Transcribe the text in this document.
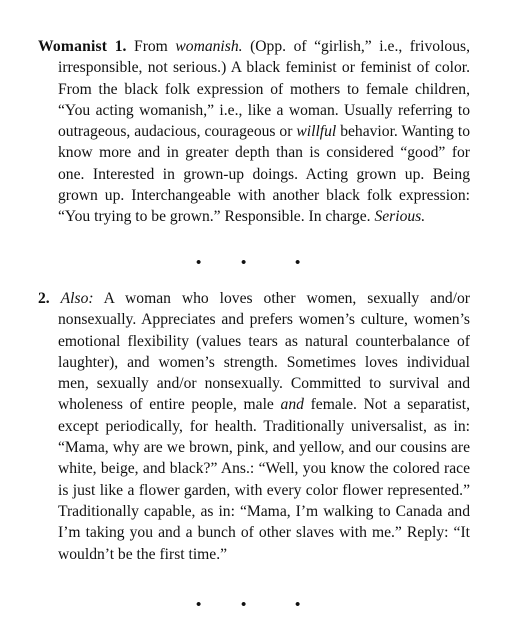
Womanist 1. From womanish. (Opp. of “girlish,” i.e., frivolous, irresponsible, not serious.) A black feminist or feminist of color. From the black folk expression of mothers to female children, “You acting womanish,” i.e., like a woman. Usually referring to outrageous, audacious, courageous or willful behavior. Wanting to know more and in greater depth than is considered “good” for one. Interested in grown-up doings. Acting grown up. Being grown up. Interchangeable with another black folk expression: “You trying to be grown.” Responsible. In charge. Serious.

•	•	•

2. Also: A woman who loves other women, sexually and/or nonsexually. Appreciates and prefers women’s culture, women’s emotional flexibility (values tears as natural counterbalance of laughter), and women’s strength. Sometimes loves individual men, sexually and/or nonsexually. Committed to survival and wholeness of entire people, male and female. Not a separatist, except periodically, for health. Traditionally universalist, as in: “Mama, why are we brown, pink, and yellow, and our cousins are white, beige, and black?” Ans.: “Well, you know the colored race is just like a flower garden, with every color flower represented.” Traditionally capable, as in: “Mama, I’m walking to Canada and I’m taking you and a bunch of other slaves with me.” Reply: “It wouldn’t be the first time.”

•	•	•
